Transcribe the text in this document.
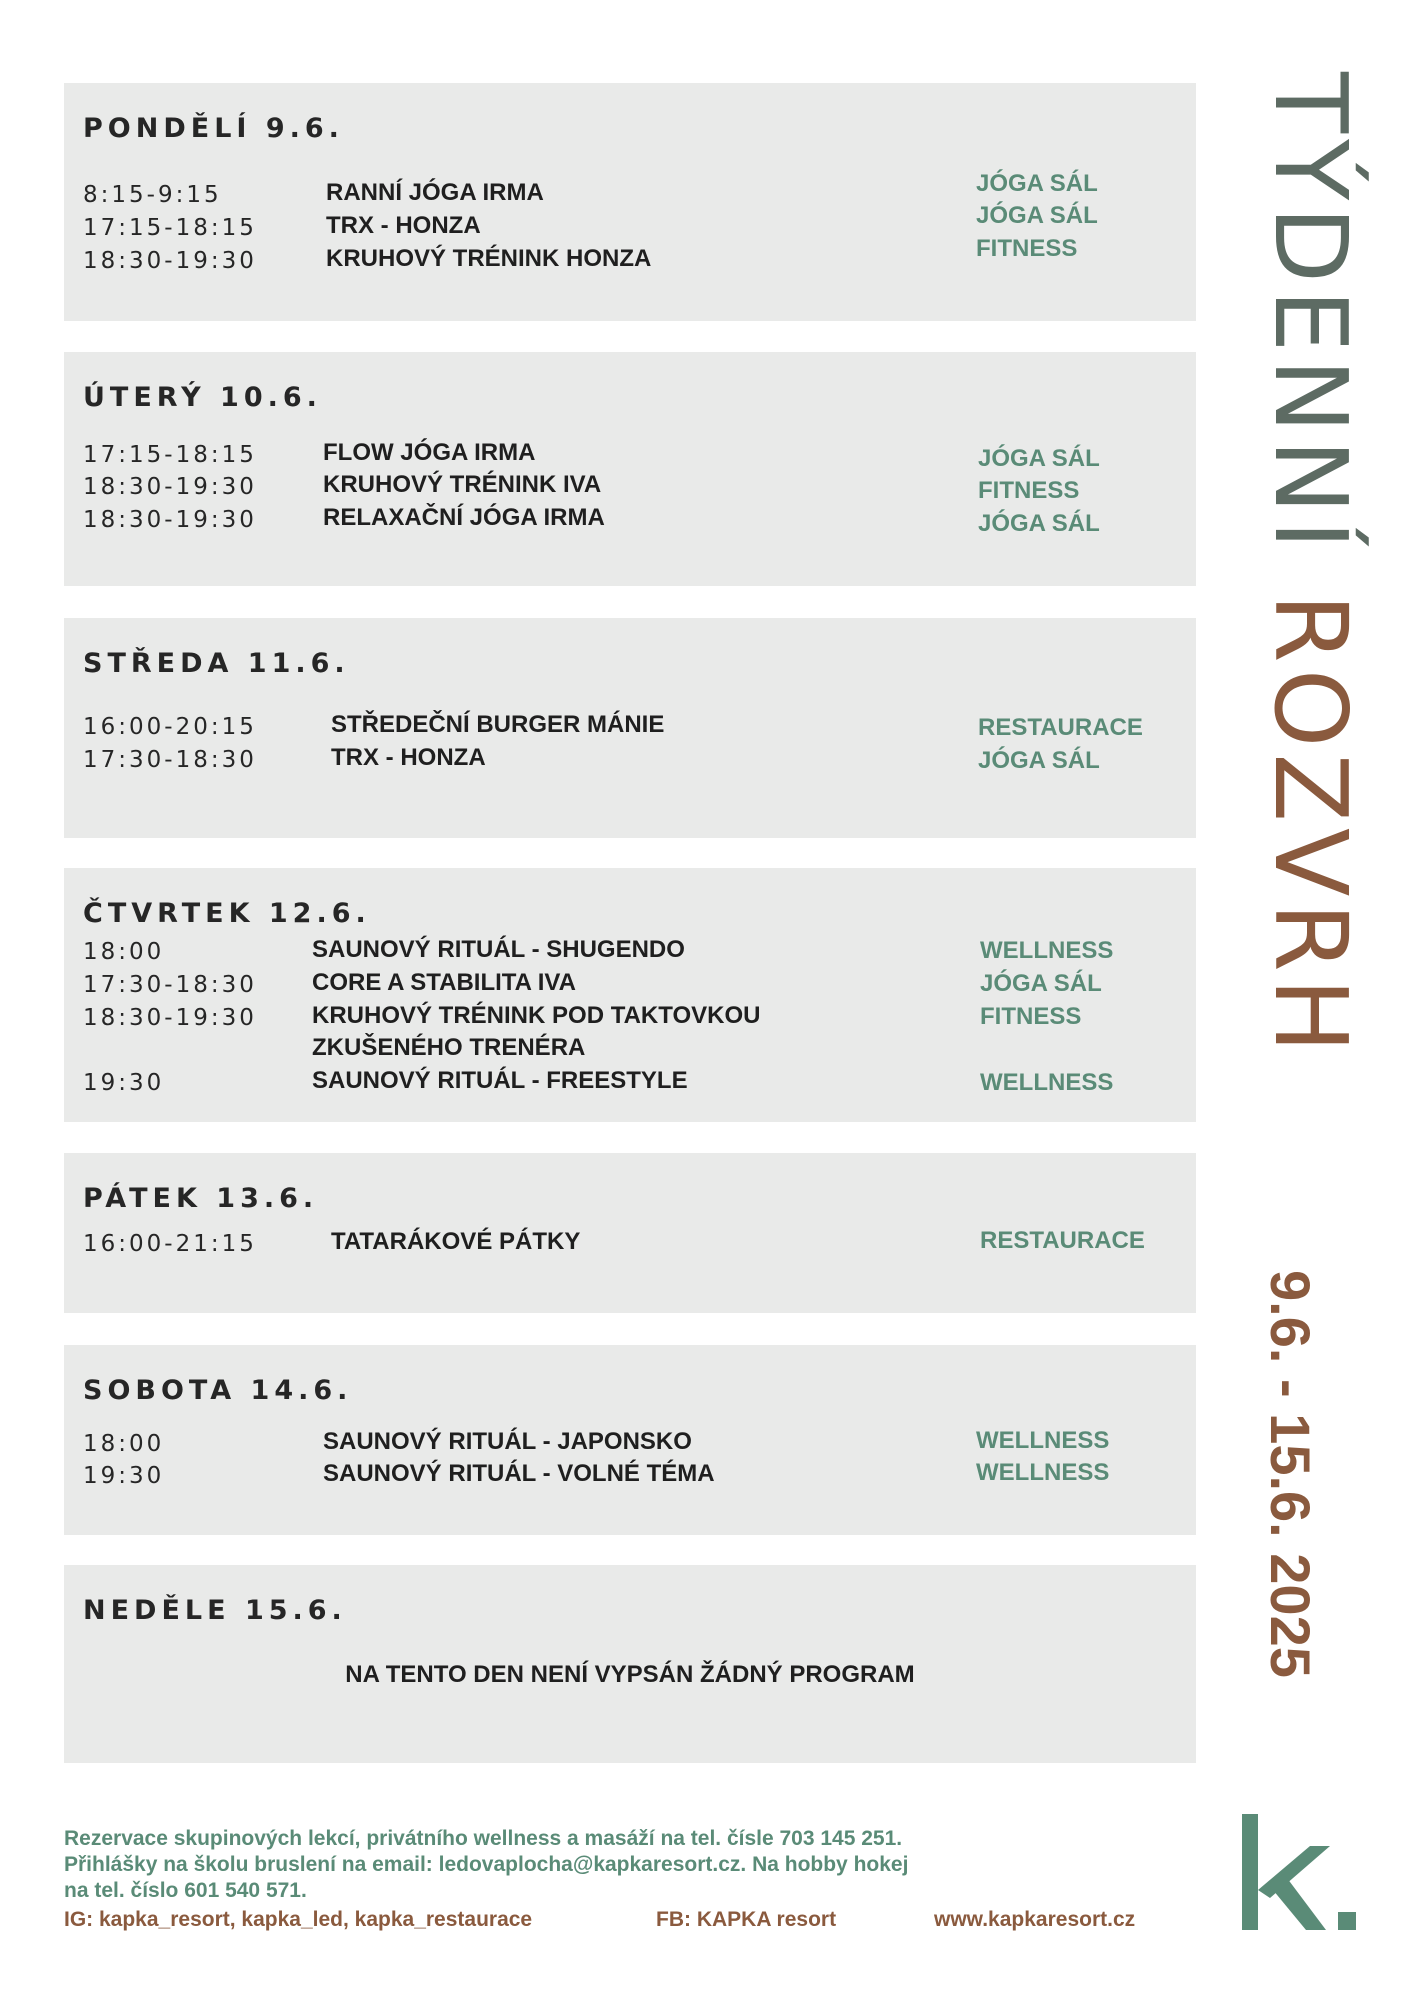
PONDĚLÍ 9.6.
8:15-9:15	RANNÍ JÓGA IRMA	JÓGA SÁL
17:15-18:15	TRX - HONZA	JÓGA SÁL
18:30-19:30	KRUHOVÝ TRÉNINK HONZA	FITNESS
ÚTERÝ 10.6.
17:15-18:15	FLOW JÓGA IRMA	JÓGA SÁL
18:30-19:30	KRUHOVÝ TRÉNINK IVA	FITNESS
18:30-19:30	RELAXAČNÍ JÓGA IRMA	JÓGA SÁL
STŘEDA 11.6.
16:00-20:15	STŘEDEČNÍ BURGER MÁNIE	RESTAURACE
17:30-18:30	TRX - HONZA	JÓGA SÁL
ČTVRTEK 12.6.
18:00	SAUNOVÝ RITUÁL - SHUGENDO	WELLNESS
17:30-18:30 CORE A STABILITA IVA	JÓGA SÁL
18:30-19:30 KRUHOVÝ TRÉNINK POD TAKTOVKOU	FITNESS
ZKUŠENÉHO TRENÉRA
19:30	SAUNOVÝ RITUÁL - FREESTYLE	WELLNESS
PÁTEK 13.6.
16:00-21:15	TATARÁKOVÉ PÁTKY	RESTAURACE
SOBOTA 14.6.
18:00	SAUNOVÝ RITUÁL - JAPONSKO	WELLNESS
19:30	SAUNOVÝ RITUÁL - VOLNÉ TÉMA	WELLNESS
NEDĚLE 15.6.
NA TENTO DEN NENÍ VYPSÁN ŽÁDNÝ PROGRAM
TÝDENNÍ ROZVRH
9.6. - 15.6. 2025
Rezervace skupinových lekcí, privátního wellness a masáží na tel. čísle 703 145 251.
Přihlášky na školu bruslení na email: ledovaplocha@kapkaresort.cz. Na hobby hokej
na tel. číslo 601 540 571.
IG: kapka_resort, kapka_led, kapka_restaurace	FB: KAPKA resort	www.kapkaresort.cz
